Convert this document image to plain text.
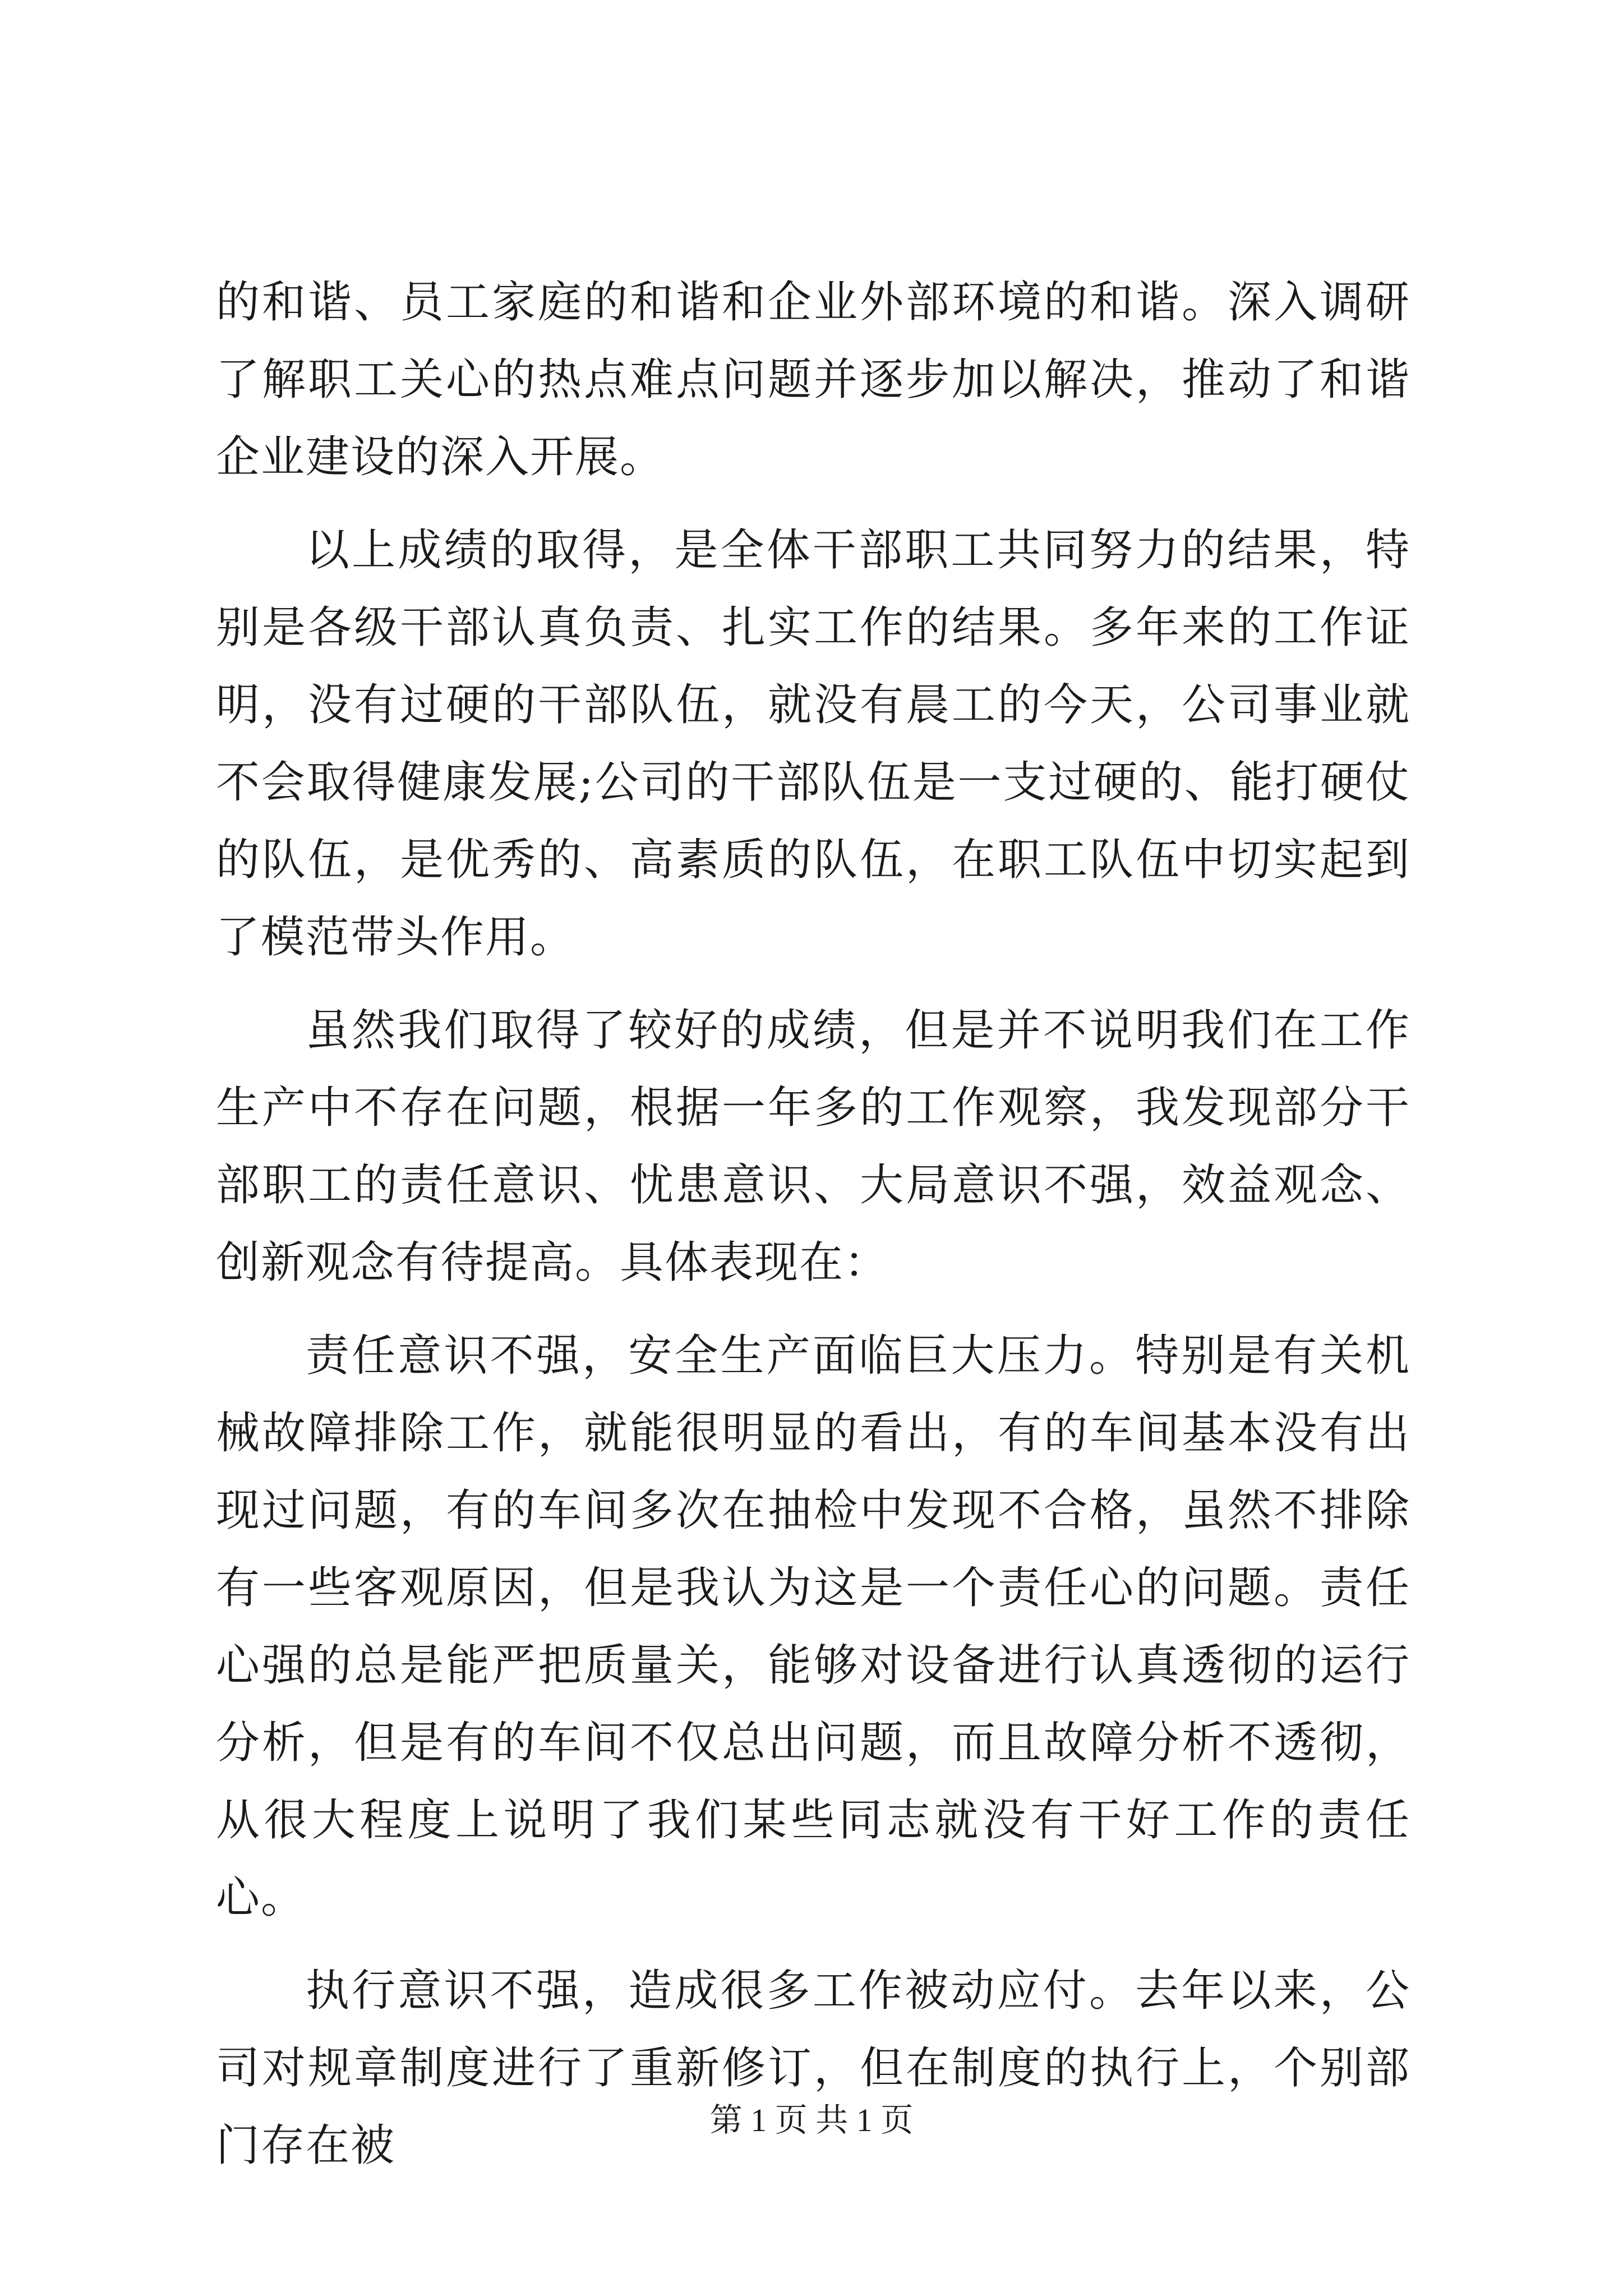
的和谐、员工家庭的和谐和企业外部环境的和谐。深入调研了解职工关心的热点难点问题并逐步加以解决，推动了和谐企业建设的深入开展。

以上成绩的取得，是全体干部职工共同努力的结果，特别是各级干部认真负责、扎实工作的结果。多年来的工作证明，没有过硬的干部队伍，就没有晨工的今天，公司事业就不会取得健康发展;公司的干部队伍是一支过硬的、能打硬仗的队伍，是优秀的、高素质的队伍，在职工队伍中切实起到了模范带头作用。

虽然我们取得了较好的成绩，但是并不说明我们在工作生产中不存在问题，根据一年多的工作观察，我发现部分干部职工的责任意识、忧患意识、大局意识不强，效益观念、创新观念有待提高。具体表现在：

责任意识不强，安全生产面临巨大压力。特别是有关机械故障排除工作，就能很明显的看出，有的车间基本没有出现过问题，有的车间多次在抽检中发现不合格，虽然不排除有一些客观原因，但是我认为这是一个责任心的问题。责任心强的总是能严把质量关，能够对设备进行认真透彻的运行分析，但是有的车间不仅总出问题，而且故障分析不透彻，从很大程度上说明了我们某些同志就没有干好工作的责任心。

执行意识不强，造成很多工作被动应付。去年以来，公司对规章制度进行了重新修订，但在制度的执行上，个别部门存在被

第 1 页 共 1 页
